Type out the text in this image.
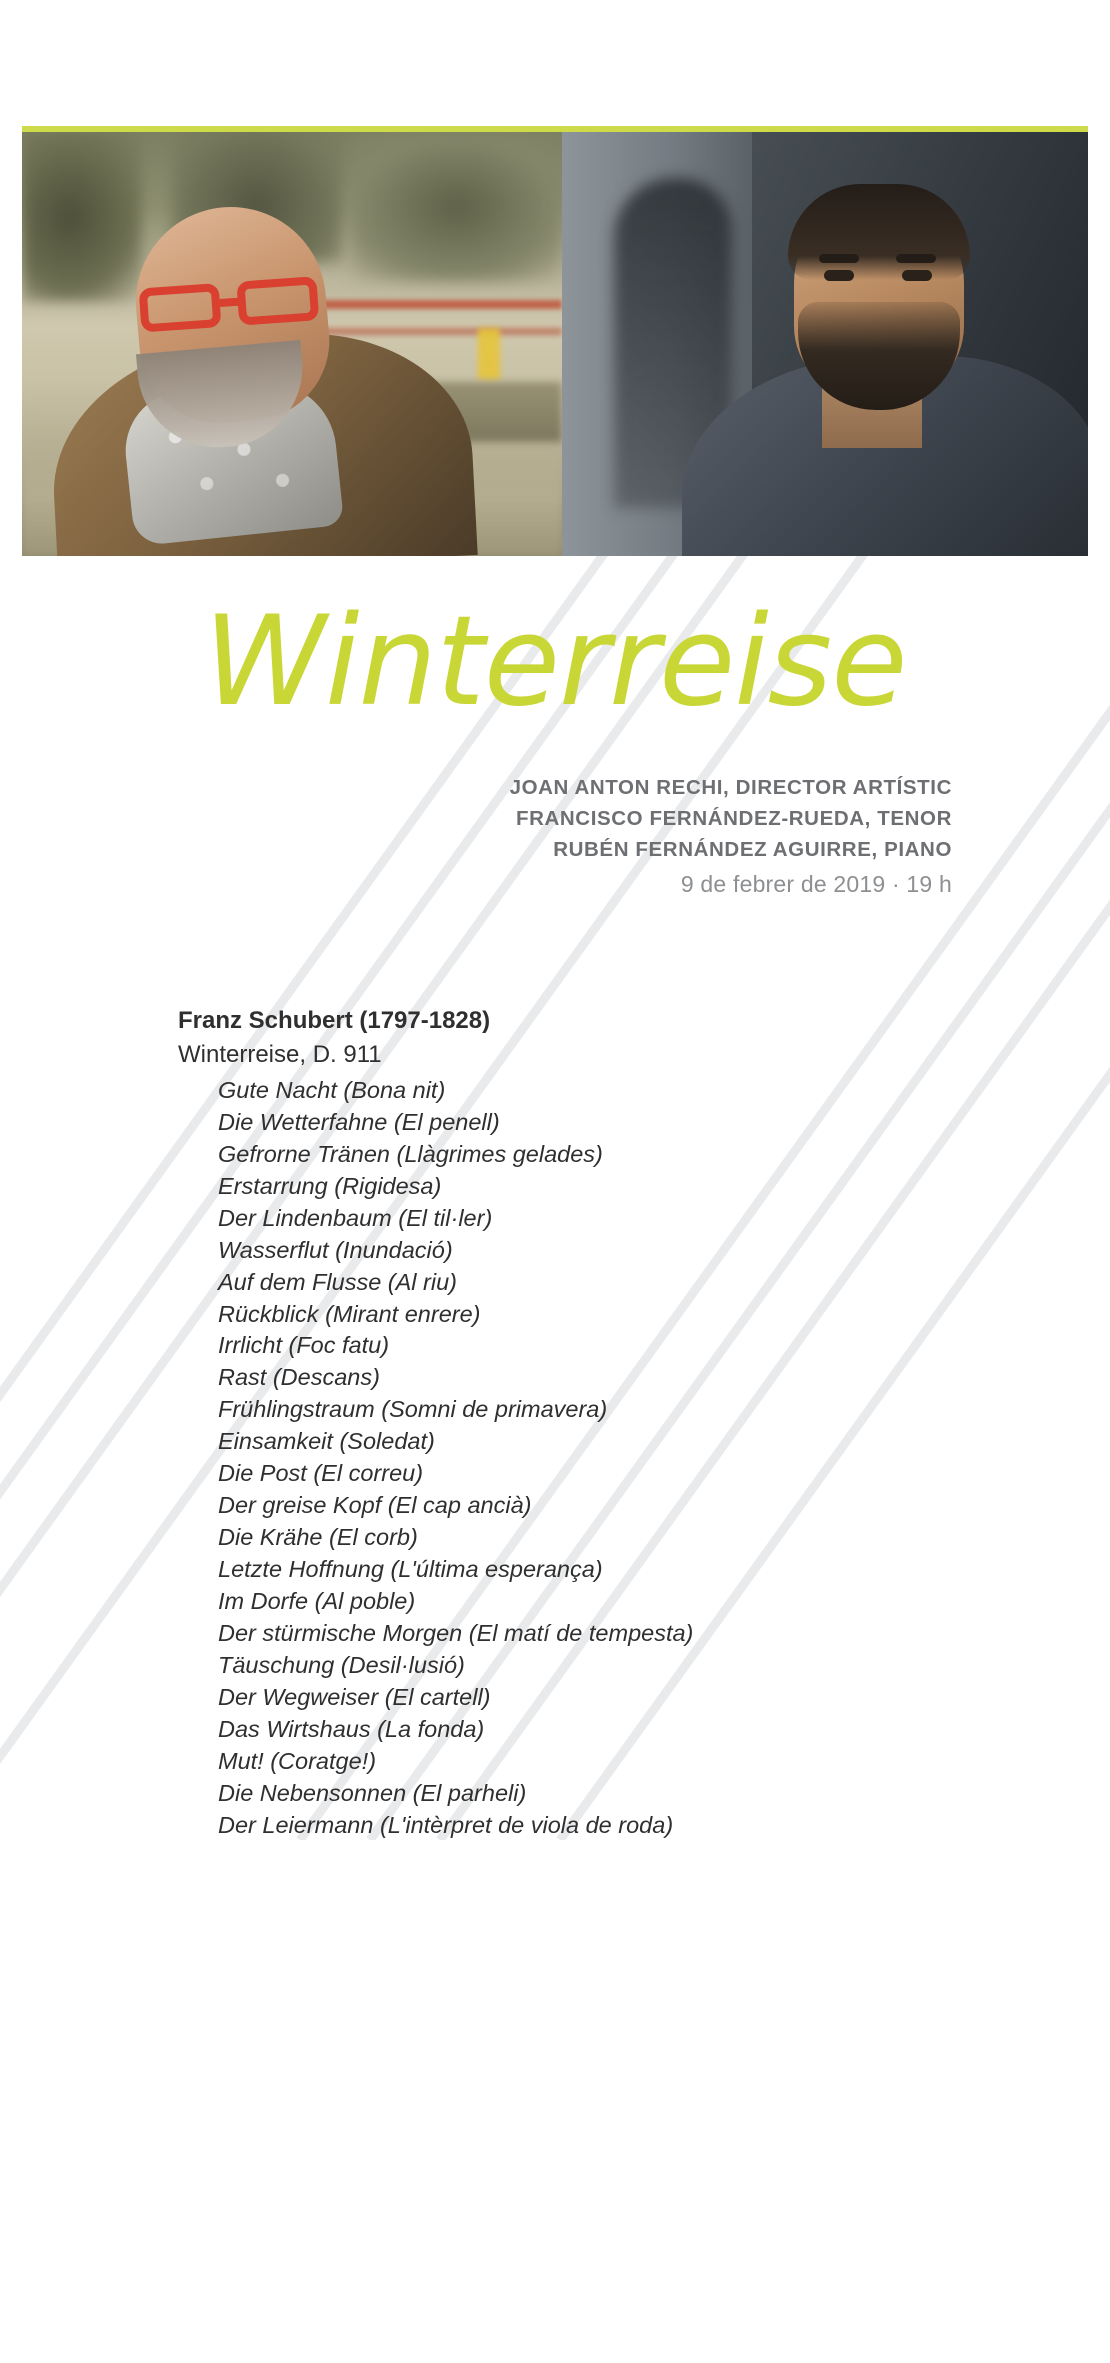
Winterreise
JOAN ANTON RECHI, DIRECTOR ARTÍSTIC
FRANCISCO FERNÁNDEZ-RUEDA, TENOR
RUBÉN FERNÁNDEZ AGUIRRE, PIANO
9 de febrer de 2019 · 19 h
Franz Schubert (1797-1828)
Winterreise, D. 911
Gute Nacht (Bona nit)
Die Wetterfahne (El penell)
Gefrorne Tränen (Llàgrimes gelades)
Erstarrung (Rigidesa)
Der Lindenbaum (El til·ler)
Wasserflut (Inundació)
Auf dem Flusse (Al riu)
Rückblick (Mirant enrere)
Irrlicht (Foc fatu)
Rast (Descans)
Frühlingstraum (Somni de primavera)
Einsamkeit (Soledat)
Die Post (El correu)
Der greise Kopf (El cap ancià)
Die Krähe (El corb)
Letzte Hoffnung (L'última esperança)
Im Dorfe (Al poble)
Der stürmische Morgen (El matí de tempesta)
Täuschung (Desil·lusió)
Der Wegweiser (El cartell)
Das Wirtshaus (La fonda)
Mut! (Coratge!)
Die Nebensonnen (El parheli)
Der Leiermann (L'intèrpret de viola de roda)
